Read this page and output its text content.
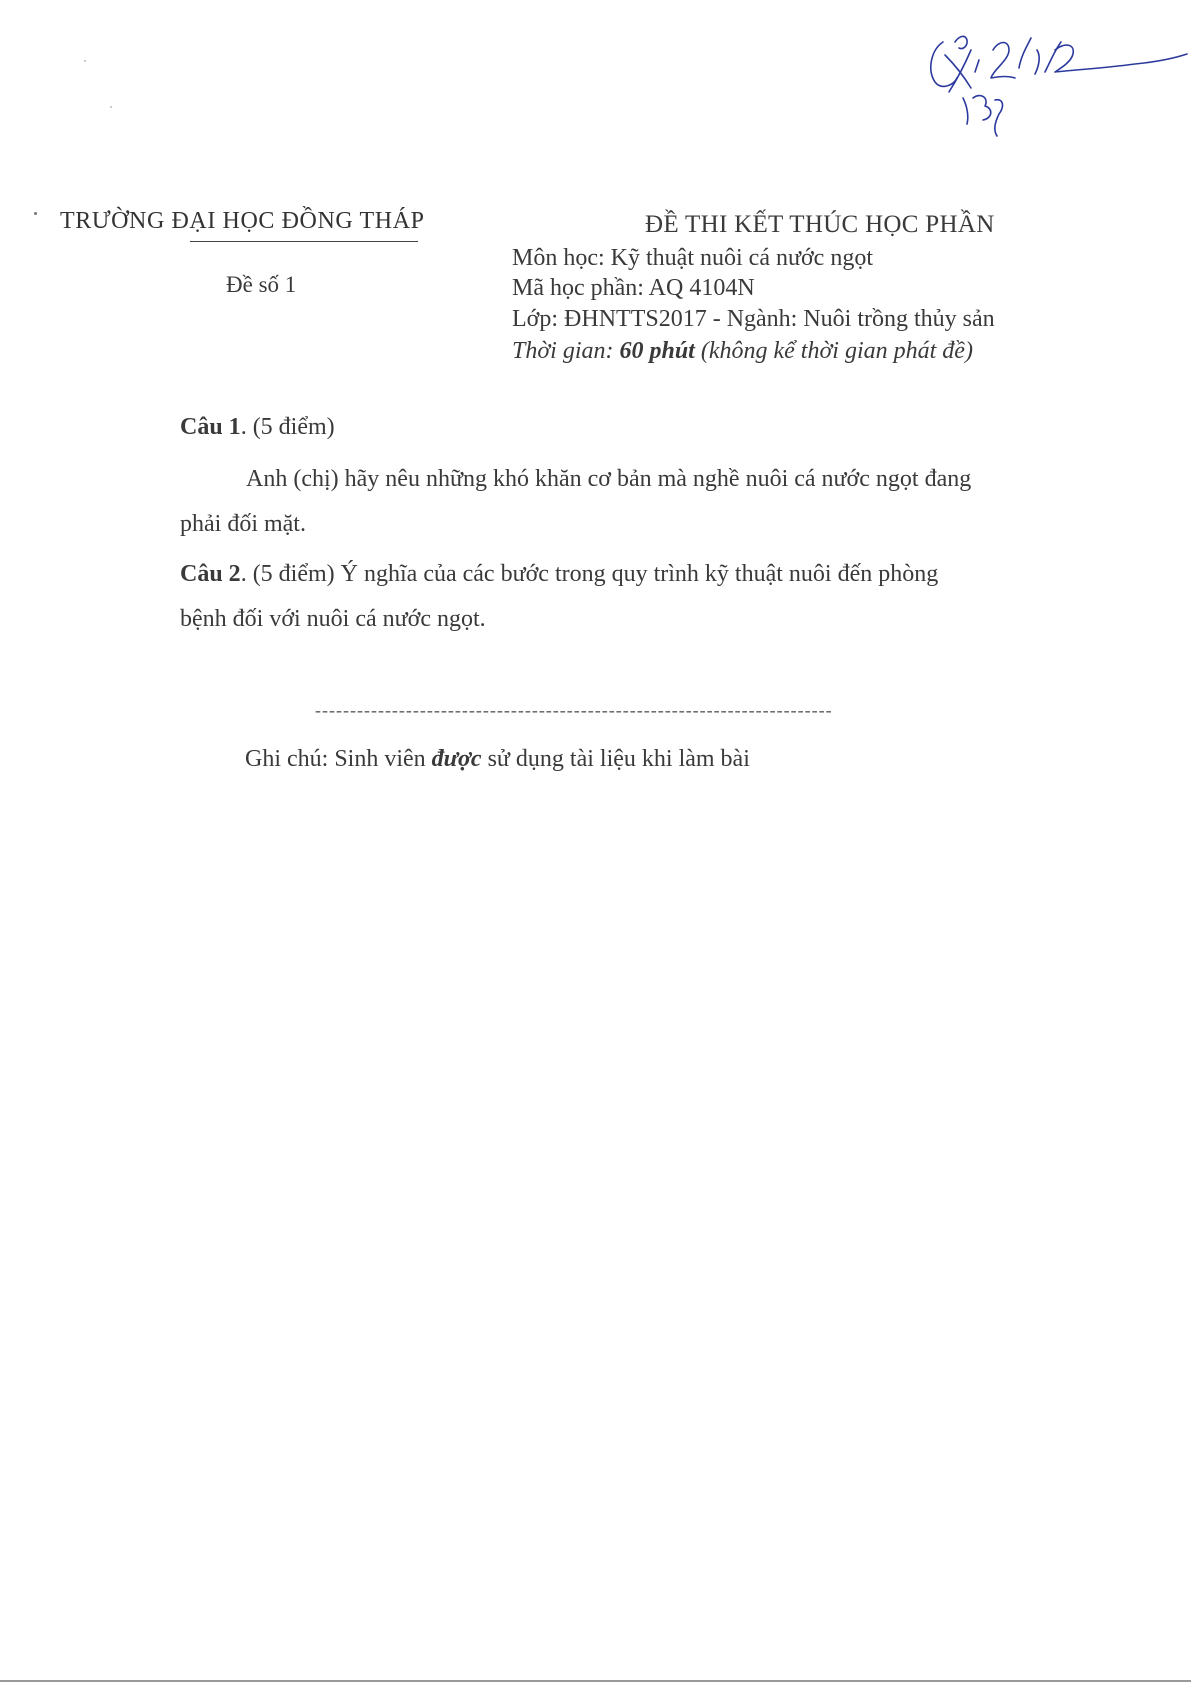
TRƯỜNG ĐẠI HỌC ĐỒNG THÁP
Đề số 1
ĐỀ THI KẾT THÚC HỌC PHẦN
Môn học: Kỹ thuật nuôi cá nước ngọt
Mã học phần: AQ 4104N
Lớp: ĐHNTTS2017 - Ngành: Nuôi trồng thủy sản
Thời gian: 60 phút (không kể thời gian phát đề)
Câu 1. (5 điểm)
Anh (chị) hãy nêu những khó khăn cơ bản mà nghề nuôi cá nước ngọt đang
phải đối mặt.
Câu 2. (5 điểm) Ý nghĩa của các bước trong quy trình kỹ thuật nuôi đến phòng
bệnh đối với nuôi cá nước ngọt.
--------------------------------------------------------------------------
Ghi chú: Sinh viên được sử dụng tài liệu khi làm bài
